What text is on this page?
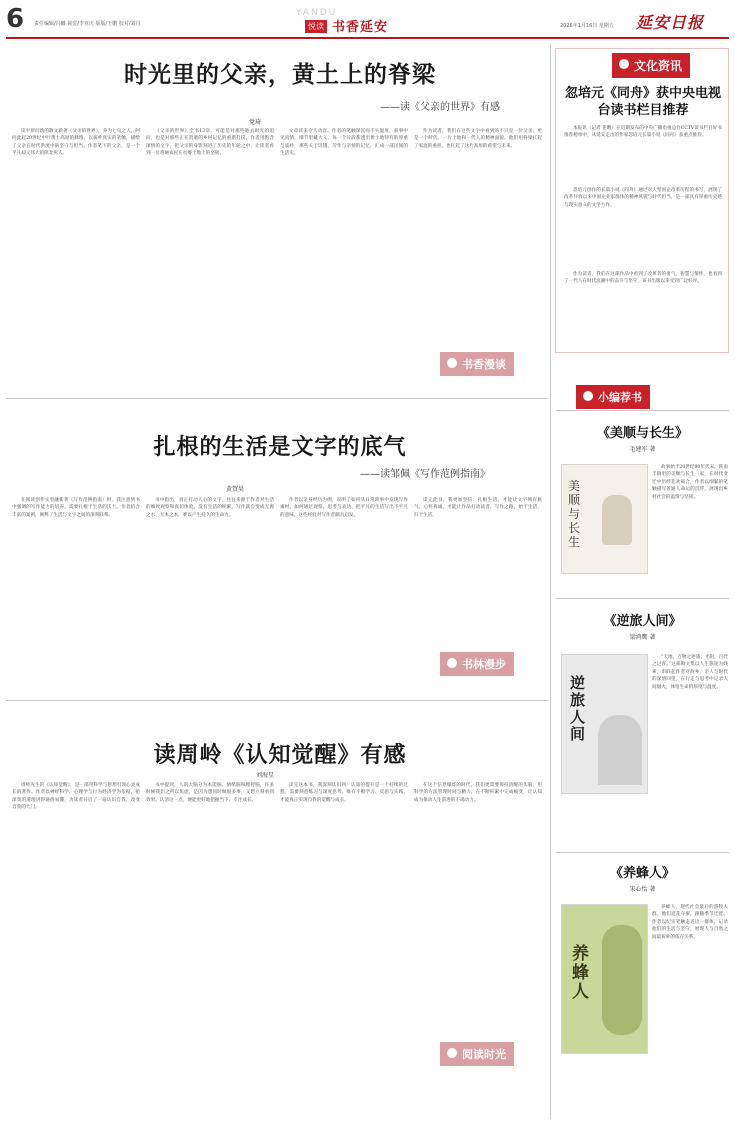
6 责任编辑/冯曦 视觉/李亚庆 版版/王鹏 校对/刘丹
YANDU
悦读 书香延安	2026年1月16日 星期五 延安日报
时光里的父亲，黄土上的脊梁
——读《父亲的世界》有感
党琦
读平原问新的散文新著《父亲的世界》，身为七旬之人，阿问此起20世纪中叶黄土高原的脉络，以质朴真实的笔触，描绘了父亲在时代洪流中的坚守与担当。作者笔下的父亲，是一个平凡却又伟大的陕北男人。
《父亲的世界》全书13章，可能是对那些逝去时光的追问，也是对那些正在消逝的乡村记忆的重新打捞。作者用饱含深情的文字，把父亲的身影刻进了历史的年轮之中，让读者看到一位普通农民在贫瘠土地上的坚韧。
文章读来令人动容。作者的笔触深沉而不失温度，叙事中见真情，细节里藏大义。每一个片段都透出黄土地特有的厚重与质朴，那些关于饥饿、劳作与亲情的记忆，汇成一部民间的生活史。
作为读者，我们在这些文字中看到的不只是一位父亲，更是一个时代、一片土地和一代人的精神面貌。他们用脊梁扛起了家庭的重担，也扛起了这片高原的希望与未来。
书香漫谈
文化资讯
忽培元《同舟》获中央电视台读书栏目推荐
本报讯（记者 笛醒）在近期发布的中央广播电视总台CCTV读书栏目好书推荐榜单中，从延安走出的作家忽培元长篇小说《同舟》获重点推荐。
忽培元创作的长篇小说《同舟》通过对大型国企改革历程的书写，展现了改革开放以来中国企业家群体的精神风貌与时代担当，是一部具有厚重历史感与现实意义的文学力作。
作为读者，我们在这部作品中看到了改革者的勇气、智慧与情怀，也看到了一代人在时代浪潮中的奋斗与坚守，该书出版以来受到广泛好评。
小编荐书
《美顺与长生》
毛建军 著
美顺与长生
故事始于20世纪90年代末，陕南丰镇里的美顺与长生一家，在时代变迁中历经悲欢离合，作者以细腻的笔触描写普通人命运的沉浮，展现出乡村社会的温情与坚韧。
扎根的生活是文字的底气
——读邹佩《写作范例指南》
黄賀昊
在阅读创作实型融新著《写作范例指南》时，我注意到书中强调的写作能力的培养，需要扎根于生活的沃土。作者结合丰富的案例，阐释了生活与文字之间的深刻联系。
书中指出，真正打动人心的文字，往往来源于作者对生活的细致观察和真切体验。没有生活的积累，写作就会变成无源之水、无本之木，难以产生持久的生命力。
作者以亲身经历为例，说明了如何从日常琐事中发现写作素材，如何通过观察、思考与表达，把平凡的生活写出不平凡的意味。这些经验对写作者颇具启发。
读完此书，我更加坚信：扎根生活，才能让文字拥有底气；心怀真诚，才能让作品打动读者。写作之路，始于生活，归于生活。
书林漫步
《逆旅人间》
梁鸿鹰 著
逆旅人间
“天地，万物之逆旅；光阴，百代之过客。”这部散文集以人生旅途为线索，串联起作者对故乡、亲人与时代的深情回望，在行走与思考中记录人间烟火，体悟生命的厚度与温度。
读周岭《认知觉醒》有感
刘海星
周岭先生的《认知觉醒》，是一部用科学与思想引领心灵成长的著作。作者以神经科学、心理学与行为经济学为依据，把深奥的道理讲得通俗易懂，为读者开启了一扇认识自我、改变自我的大门。
书中提到，人的大脑分为本能脑、情绪脑和理智脑，许多时候我们之所以焦虑，是因为想同时做很多事，又想立刻看到效果。认清这一点，便能更好地把握当下、专注成长。
读完这本书，我深刻认识到：认知的提升是一个持续的过程，需要刻意练习与深度思考。唯有不断学习、反思与实践，才能真正实现自我的觉醒与成长。
在这个信息爆炸的时代，我们更需要保持清醒的头脑，用科学的方法管理时间与精力，在不断积累中完成蜕变，让认知成为推动人生前进的不竭动力。
阅读时光
《养蜂人》
宋心怡 著
养蜂人
养蜂人，现代社会最后的游牧人群。他们追花夺蜜，跟随季节迁徙。作者以纪实笔触走近这一群体，记录他们的生活与坚守，展现人与自然之间最质朴的依存关系。
